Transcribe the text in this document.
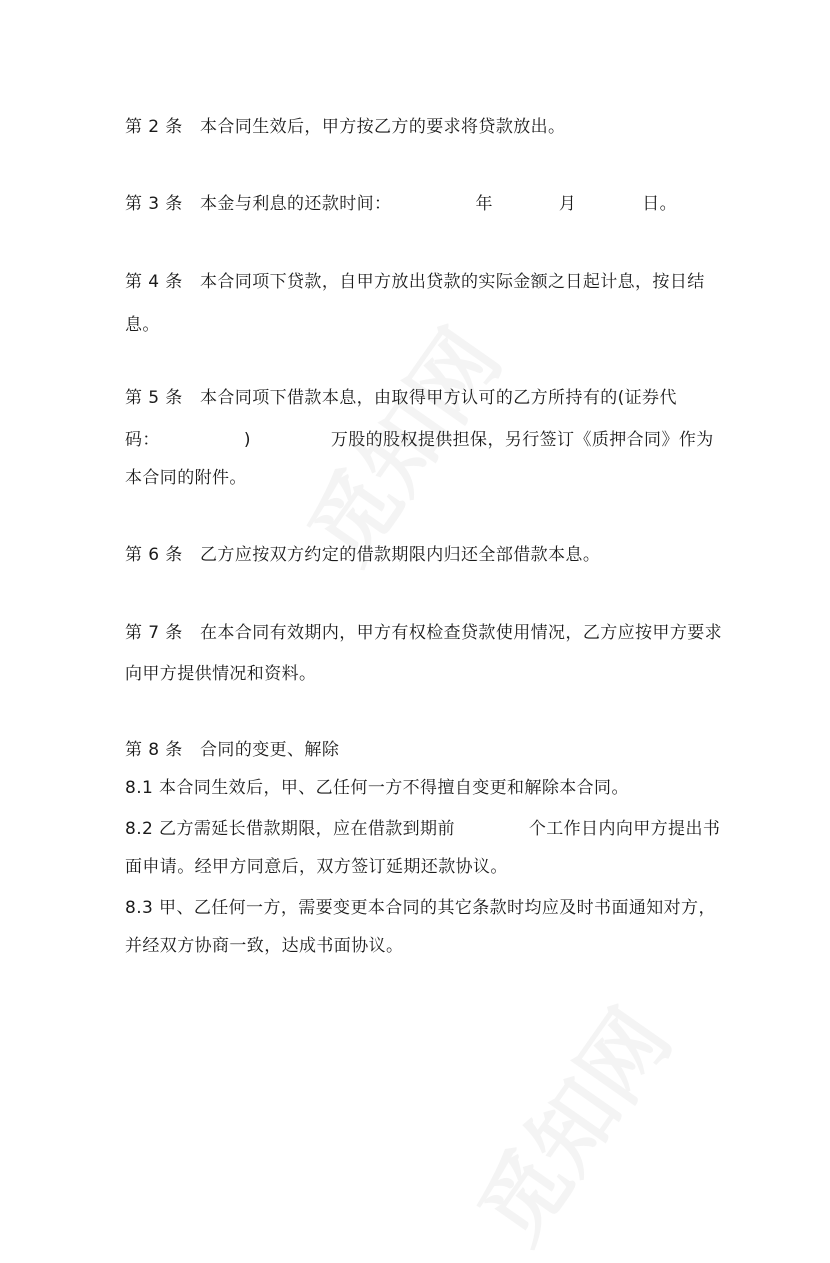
第 2 条　本合同生效后，甲方按乙方的要求将贷款放出。
第 3 条　本金与利息的还款时间：	年	月	日。
第 4 条　本合同项下贷款，自甲方放出贷款的实际金额之日起计息，按日结
息。
第 5 条　本合同项下借款本息，由取得甲方认可的乙方所持有的(证券代
码：	)	万股的股权提供担保，另行签订《质押合同》作为
本合同的附件。
第 6 条　乙方应按双方约定的借款期限内归还全部借款本息。
第 7 条　在本合同有效期内，甲方有权检查贷款使用情况，乙方应按甲方要求
向甲方提供情况和资料。
第 8 条　合同的变更、解除
8.1 本合同生效后，甲、乙任何一方不得擅自变更和解除本合同。
8.2 乙方需延长借款期限，应在借款到期前	个工作日内向甲方提出书
面申请。经甲方同意后，双方签订延期还款协议。
8.3 甲、乙任何一方，需要变更本合同的其它条款时均应及时书面通知对方，
并经双方协商一致，达成书面协议。
